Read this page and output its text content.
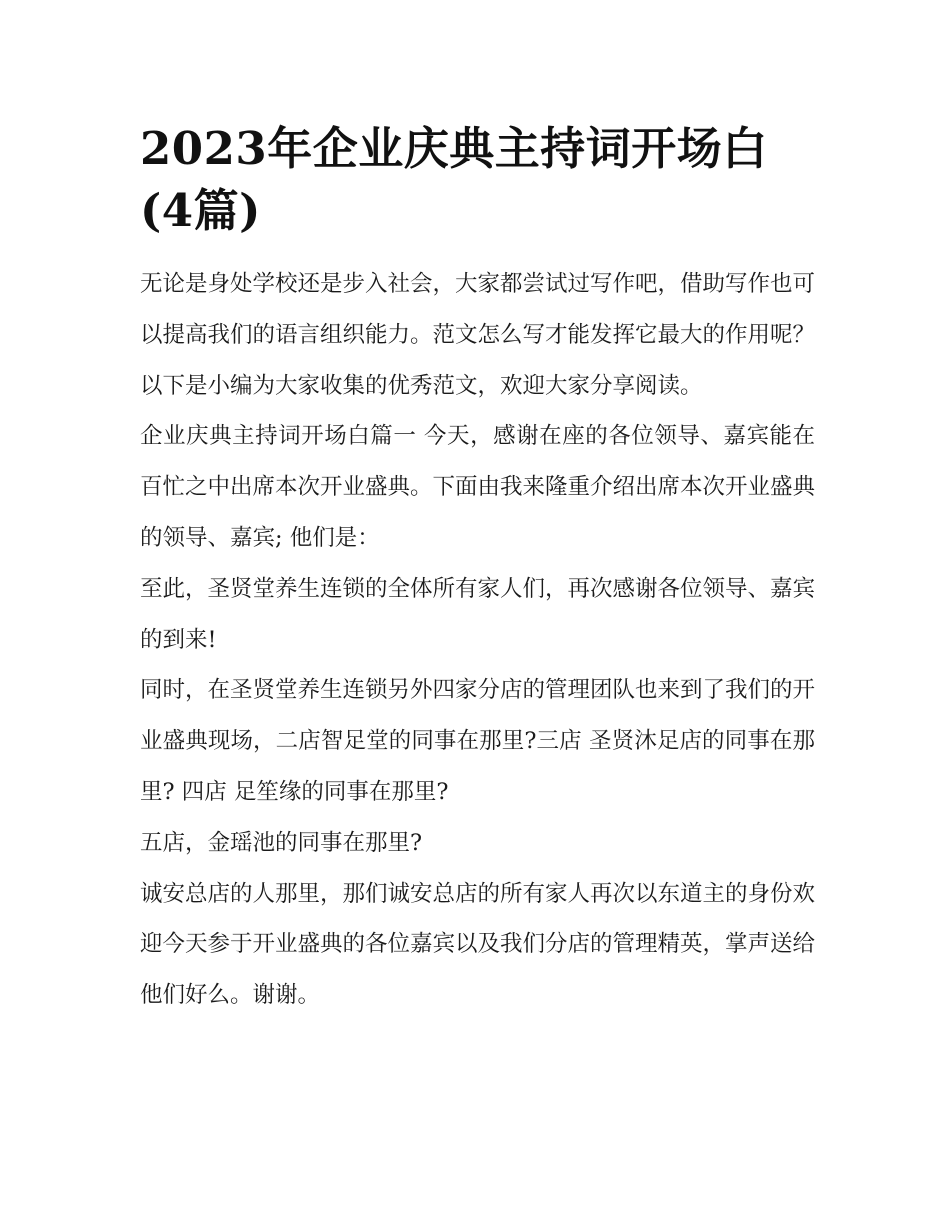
2023年企业庆典主持词开场白(4篇)

无论是身处学校还是步入社会，大家都尝试过写作吧，借助写作也可以提高我们的语言组织能力。范文怎么写才能发挥它最大的作用呢？以下是小编为大家收集的优秀范文，欢迎大家分享阅读。

企业庆典主持词开场白篇一 今天，感谢在座的各位领导、嘉宾能在百忙之中出席本次开业盛典。下面由我来隆重介绍出席本次开业盛典的领导、嘉宾; 他们是：

至此，圣贤堂养生连锁的全体所有家人们，再次感谢各位领导、嘉宾的到来!

同时，在圣贤堂养生连锁另外四家分店的管理团队也来到了我们的开业盛典现场，二店智足堂的同事在那里?三店 圣贤沐足店的同事在那里? 四店 足笙缘的同事在那里?

五店，金瑶池的同事在那里?

诚安总店的人那里，那们诚安总店的所有家人再次以东道主的身份欢迎今天参于开业盛典的各位嘉宾以及我们分店的管理精英，掌声送给他们好么。谢谢。
